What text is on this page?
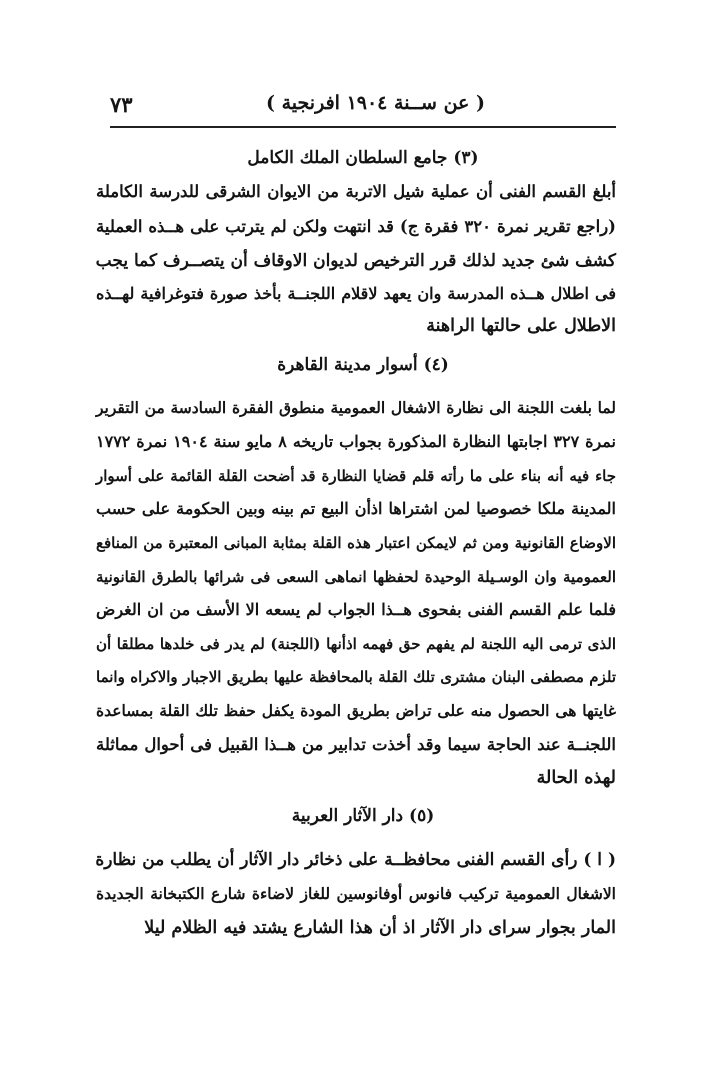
( عن ســنة ١٩٠٤ افرنجية )
٧٣
(٣) جامع السلطان الملك الكامل
أبلغ القسم الفنى أن عملية شيل الاتربة من الايوان الشرقى للدرسة الكاملة
(راجع تقرير نمرة ٣٢٠ فقرة ج) قد انتهت ولكن لم يترتب على هــذه العملية
كشف شئ جديد لذلك قرر الترخيص لديوان الاوقاف أن يتصــرف كما يجب
فى اطلال هــذه المدرسة وان يعهد لاقلام اللجنــة بأخذ صورة فتوغرافية لهــذه
الاطلال على حالتها الراهنة
(٤) أسوار مدينة القاهرة
لما بلغت اللجنة الى نظارة الاشغال العمومية منطوق الفقرة السادسة من التقرير
نمرة ٣٢٧ اجابتها النظارة المذكورة بجواب تاريخه ٨ مايو سنة ١٩٠٤ نمرة ١٧٧٢
جاء فيه أنه بناء على ما رأته قلم قضايا النظارة قد أضحت القلة القائمة على أسوار
المدينة ملكا خصوصيا لمن اشتراها اذأن البيع تم بينه وبين الحكومة على حسب
الاوضاع القانونية ومن ثم لايمكن اعتبار هذه القلة بمثابة المبانى المعتبرة من المنافع
العمومية وان الوسـيلة الوحيدة لحفظها انماهى السعى فى شرائها بالطرق القانونية
فلما علم القسم الفنى بفحوى هــذا الجواب لم يسعه الا الأسف من ان الغرض
الذى ترمى اليه اللجنة لم يفهم حق فهمه اذأنها (اللجنة) لم يدر فى خلدها مطلقا أن
تلزم مصطفى البنان مشترى تلك القلة بالمحافظة عليها بطريق الاجبار والاكراه وانما
غايتها هى الحصول منه على تراض بطريق المودة يكفل حفظ تلك القلة بمساعدة
اللجنــة عند الحاجة سيما وقد أخذت تدابير من هــذا القبيل فى أحوال مماثلة
لهذه الحالة
(٥) دار الآثار العربية
( ا ) رأى القسم الفنى محافظــة على ذخائر دار الآثار أن يطلب من نظارة
الاشغال العمومية تركيب فانوس أوفانوسين للغاز لاضاءة شارع الكتبخانة الجديدة
المار بجوار سراى دار الآثار اذ أن هذا الشارع يشتد فيه الظلام ليلا
